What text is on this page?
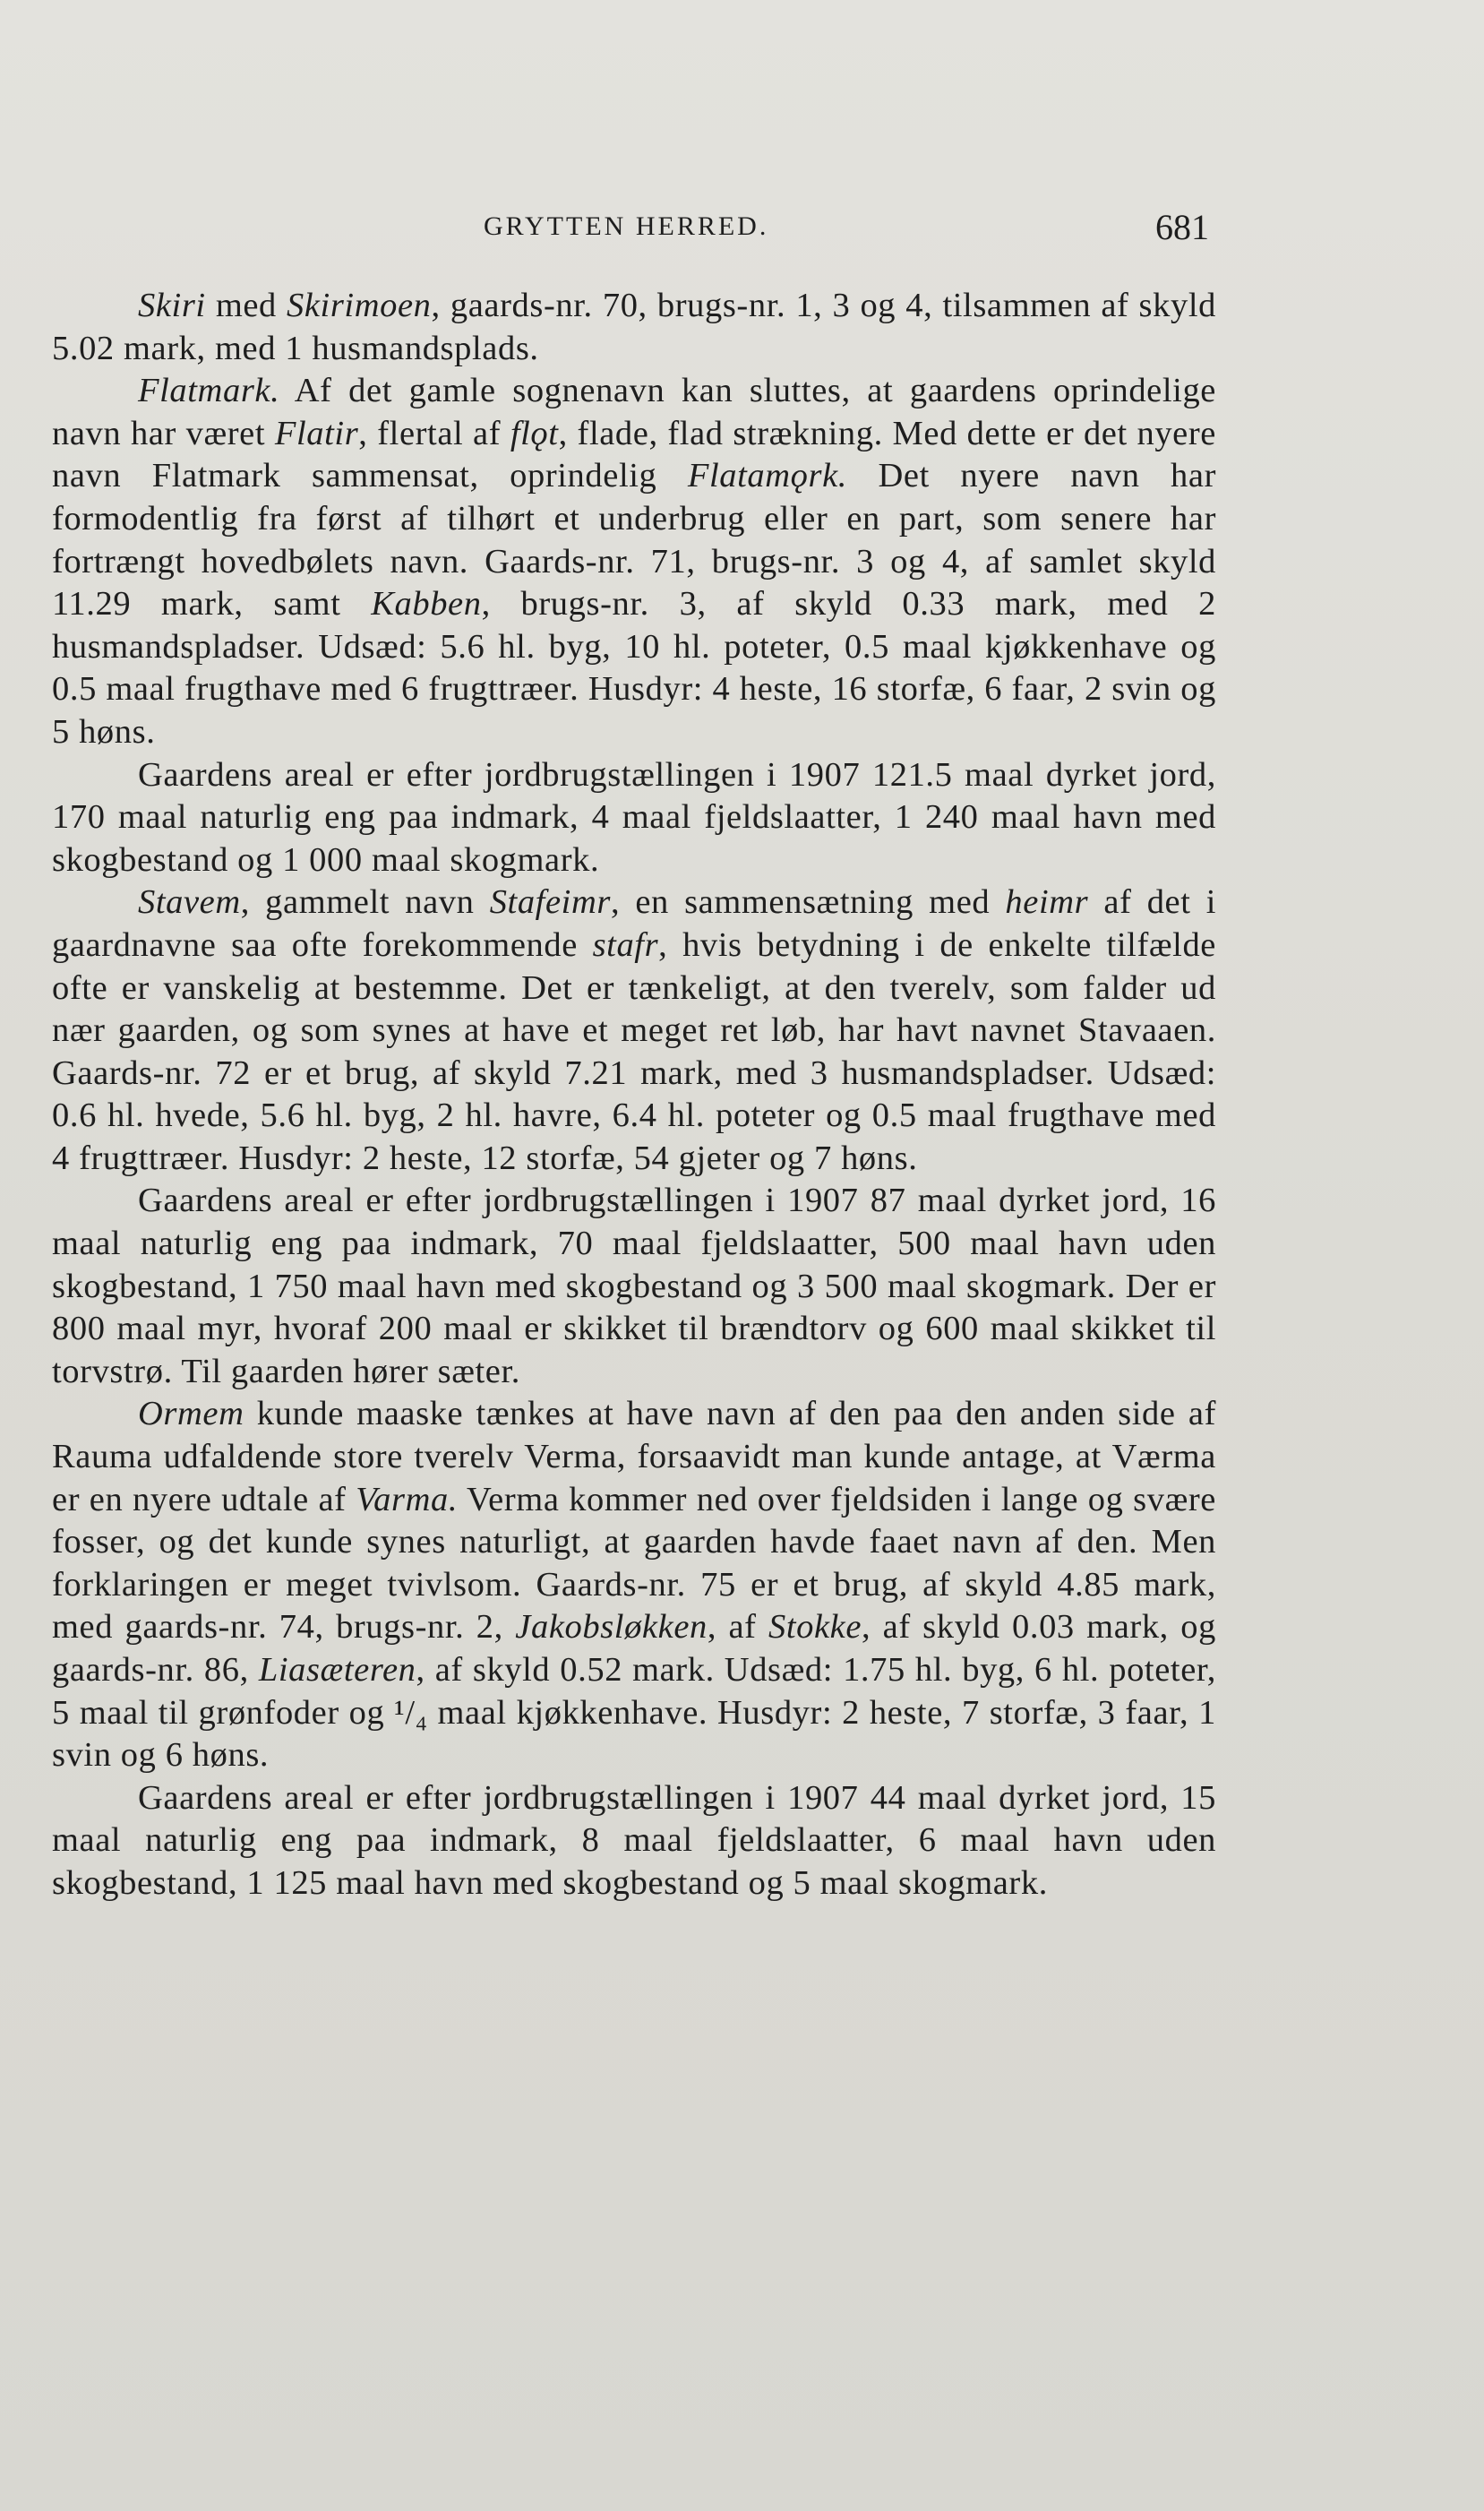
GRYTTEN HERRED.	681

Skiri med Skirimoen, gaards-nr. 70, brugs-nr. 1, 3 og 4, tilsammen af skyld 5.02 mark, med 1 husmandsplads.

Flatmark. Af det gamle sognenavn kan sluttes, at gaardens oprindelige navn har været Flatir, flertal af flǫt, flade, flad strækning. Med dette er det nyere navn Flatmark sammensat, oprindelig Flatamǫrk. Det nyere navn har formodentlig fra først af tilhørt et underbrug eller en part, som senere har fortrængt hovedbølets navn. Gaards-nr. 71, brugs-nr. 3 og 4, af samlet skyld 11.29 mark, samt Kabben, brugs-nr. 3, af skyld 0.33 mark, med 2 husmandspladser. Udsæd: 5.6 hl. byg, 10 hl. poteter, 0.5 maal kjøkkenhave og 0.5 maal frugthave med 6 frugttræer. Husdyr: 4 heste, 16 storfæ, 6 faar, 2 svin og 5 høns.

Gaardens areal er efter jordbrugstællingen i 1907 121.5 maal dyrket jord, 170 maal naturlig eng paa indmark, 4 maal fjeldslaatter, 1 240 maal havn med skogbestand og 1 000 maal skogmark.

Stavem, gammelt navn Stafeimr, en sammensætning med heimr af det i gaardnavne saa ofte forekommende stafr, hvis betydning i de enkelte tilfælde ofte er vanskelig at bestemme. Det er tænkeligt, at den tverelv, som falder ud nær gaarden, og som synes at have et meget ret løb, har havt navnet Stavaaen. Gaards-nr. 72 er et brug, af skyld 7.21 mark, med 3 husmandspladser. Udsæd: 0.6 hl. hvede, 5.6 hl. byg, 2 hl. havre, 6.4 hl. poteter og 0.5 maal frugthave med 4 frugttræer. Husdyr: 2 heste, 12 storfæ, 54 gjeter og 7 høns.

Gaardens areal er efter jordbrugstællingen i 1907 87 maal dyrket jord, 16 maal naturlig eng paa indmark, 70 maal fjeldslaatter, 500 maal havn uden skogbestand, 1 750 maal havn med skogbestand og 3 500 maal skogmark. Der er 800 maal myr, hvoraf 200 maal er skikket til brændtorv og 600 maal skikket til torvstrø. Til gaarden hører sæter.

Ormem kunde maaske tænkes at have navn af den paa den anden side af Rauma udfaldende store tverelv Verma, forsaavidt man kunde antage, at Værma er en nyere udtale af Varma. Verma kommer ned over fjeldsiden i lange og svære fosser, og det kunde synes naturligt, at gaarden havde faaet navn af den. Men forklaringen er meget tvivlsom. Gaards-nr. 75 er et brug, af skyld 4.85 mark, med gaards-nr. 74, brugs-nr. 2, Jakobsløkken, af Stokke, af skyld 0.03 mark, og gaards-nr. 86, Liasæteren, af skyld 0.52 mark. Udsæd: 1.75 hl. byg, 6 hl. poteter, 5 maal til grønfoder og ¹/₄ maal kjøkkenhave. Husdyr: 2 heste, 7 storfæ, 3 faar, 1 svin og 6 høns.

Gaardens areal er efter jordbrugstællingen i 1907 44 maal dyrket jord, 15 maal naturlig eng paa indmark, 8 maal fjeldslaatter, 6 maal havn uden skogbestand, 1 125 maal havn med skogbestand og 5 maal skogmark.
